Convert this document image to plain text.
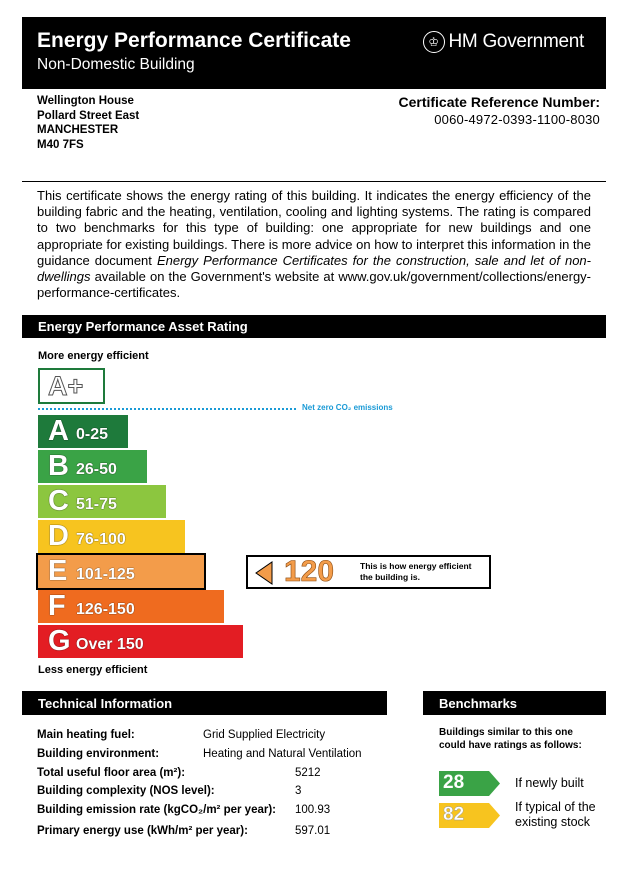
Energy Performance Certificate
Non-Domestic Building
♔ HM Government
Wellington House
Pollard Street East
MANCHESTER
M40 7FS
Certificate Reference Number:
0060-4972-0393-1100-8030
This certificate shows the energy rating of this building. It indicates the energy efficiency of the building fabric and the heating, ventilation, cooling and lighting systems. The rating is compared to two benchmarks for this type of building: one appropriate for new buildings and one appropriate for existing buildings. There is more advice on how to interpret this information in the guidance document Energy Performance Certificates for the construction, sale and let of non-dwellings available on the Government's website at www.gov.uk/government/collections/energy-performance-certificates.
Energy Performance Asset Rating
More energy efficient
A+
Net zero CO₂ emissions
A 0-25
B 26-50
C 51-75
D 76-100
E 101-125
F 126-150
G Over 150
120	This is how energy efficient
the building is.
Less energy efficient
Technical Information
Main heating fuel:	Grid Supplied Electricity
Building environment:	Heating and Natural Ventilation
Total useful floor area (m²):	5212
Building complexity (NOS level):	3
Building emission rate (kgCO₂/m² per year): 100.93
Primary energy use (kWh/m² per year):	597.01
Benchmarks
Buildings similar to this one could have ratings as follows:
28	If newly built
82	If typical of the
existing stock
